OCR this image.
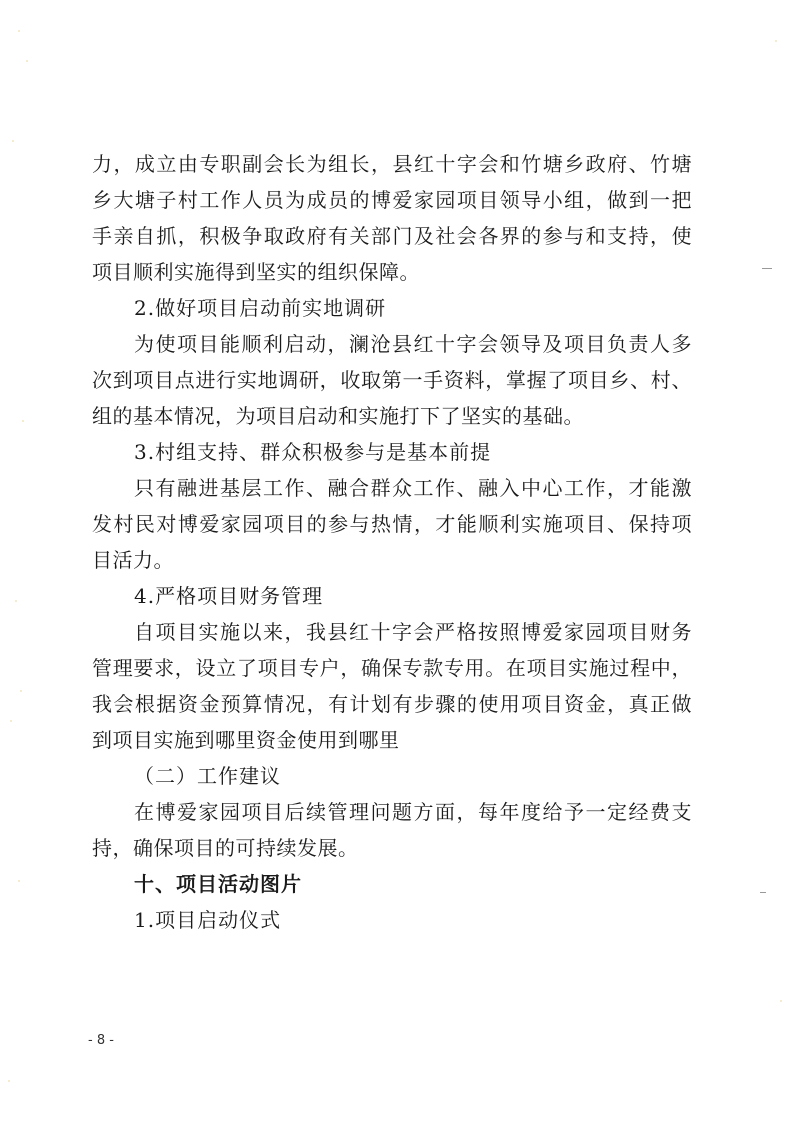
力，成立由专职副会长为组长，县红十字会和竹塘乡政府、竹塘
乡大塘子村工作人员为成员的博爱家园项目领导小组，做到一把
手亲自抓，积极争取政府有关部门及社会各界的参与和支持，使
项目顺利实施得到坚实的组织保障。
2.做好项目启动前实地调研
为使项目能顺利启动，澜沧县红十字会领导及项目负责人多
次到项目点进行实地调研，收取第一手资料，掌握了项目乡、村、
组的基本情况，为项目启动和实施打下了坚实的基础。
3.村组支持、群众积极参与是基本前提
只有融进基层工作、融合群众工作、融入中心工作，才能激
发村民对博爱家园项目的参与热情，才能顺利实施项目、保持项
目活力。
4.严格项目财务管理
自项目实施以来，我县红十字会严格按照博爱家园项目财务
管理要求，设立了项目专户，确保专款专用。在项目实施过程中，
我会根据资金预算情况，有计划有步骤的使用项目资金，真正做
到项目实施到哪里资金使用到哪里
（二）工作建议
在博爱家园项目后续管理问题方面，每年度给予一定经费支
持，确保项目的可持续发展。
十、项目活动图片
1.项目启动仪式
- 8 -
